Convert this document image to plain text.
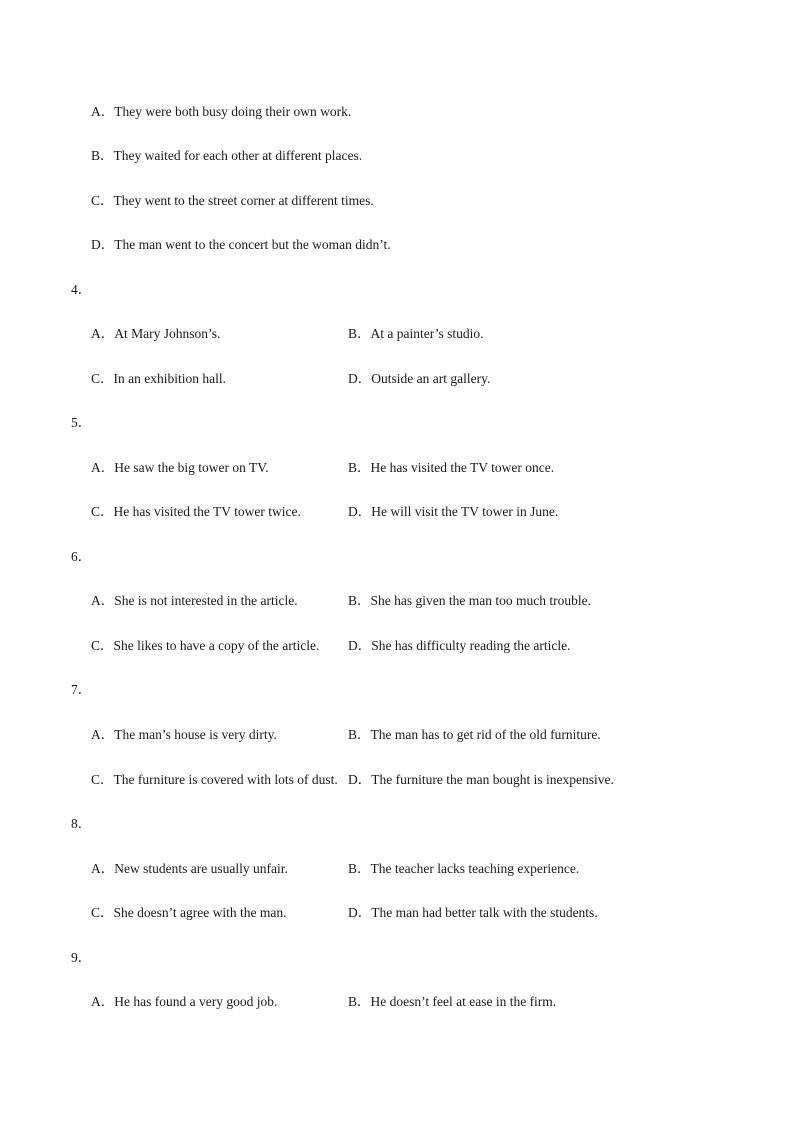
A．They were both busy doing their own work.
B．They waited for each other at different places.
C．They went to the street corner at different times.
D．The man went to the concert but the woman didn’t.
4．
A．At Mary Johnson’s.	B．At a painter’s studio.
C．In an exhibition hall.	D．Outside an art gallery.
5．
A．He saw the big tower on TV.	B．He has visited the TV tower once.
C．He has visited the TV tower twice.	D．He will visit the TV tower in June.
6．
A．She is not interested in the article.	B．She has given the man too much trouble.
C．She likes to have a copy of the article. D．She has difficulty reading the article.
7．
A．The man’s house is very dirty.	B．The man has to get rid of the old furniture.
C．The furniture is covered with lots of dust. D．The furniture the man bought is inexpensive.
8．
A．New students are usually unfair.	B．The teacher lacks teaching experience.
C．She doesn’t agree with the man.	D．The man had better talk with the students.
9．
A．He has found a very good job.	B．He doesn’t feel at ease in the firm.
